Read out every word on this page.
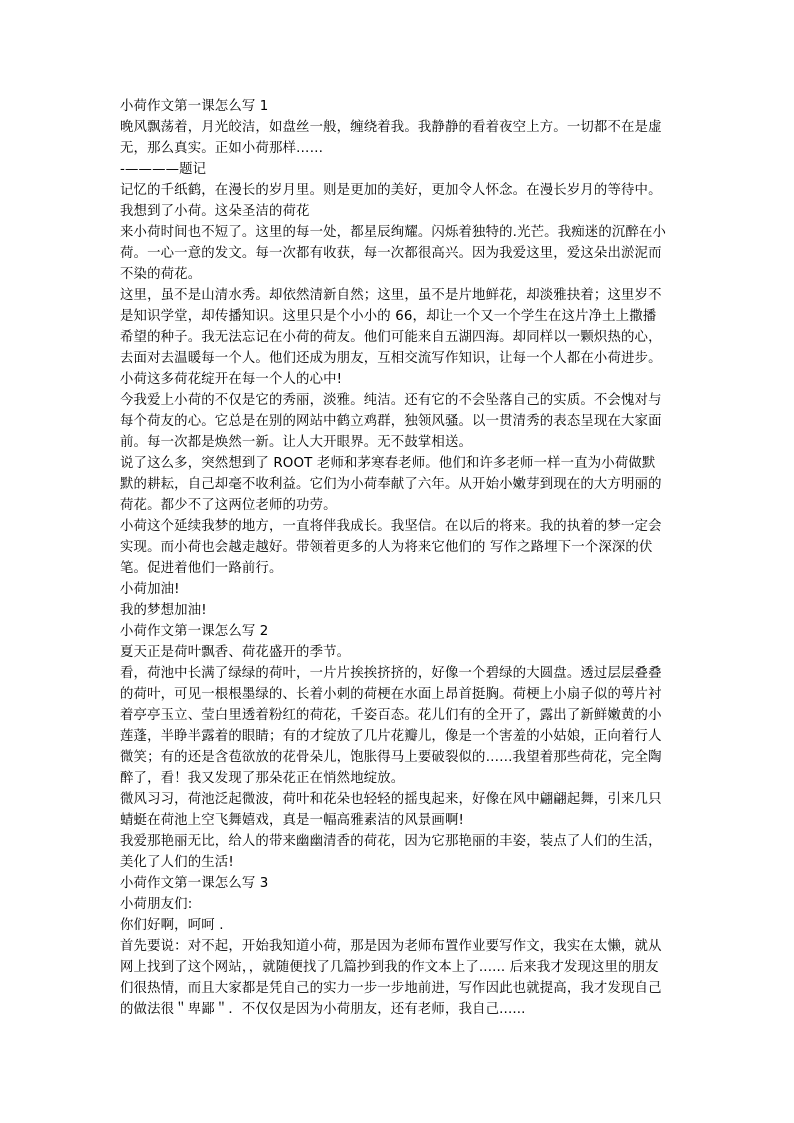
小荷作文第一课怎么写 1

晚风飘荡着，月光皎洁，如盘丝一般，缠绕着我。我静静的看着夜空上方。一切都不在是虚

无，那么真实。正如小荷那样……

-————题记

记忆的千纸鹤，在漫长的岁月里。则是更加的美好，更加令人怀念。在漫长岁月的等待中。

我想到了小荷。这朵圣洁的荷花

来小荷时间也不短了。这里的每一处，都星辰绚耀。闪烁着独特的.光芒。我痴迷的沉醉在小

荷。一心一意的发文。每一次都有收获，每一次都很高兴。因为我爱这里，爱这朵出淤泥而

不染的荷花。

这里，虽不是山清水秀。却依然清新自然；这里，虽不是片地鲜花，却淡雅抉着；这里岁不

是知识学堂，却传播知识。这里只是个小小的 66，却让一个又一个学生在这片净土上撒播

希望的种子。我无法忘记在小荷的荷友。他们可能来自五湖四海。却同样以一颗炽热的心，

去面对去温暖每一个人。他们还成为朋友，互相交流写作知识，让每一个人都在小荷进步。

小荷这多荷花绽开在每一个人的心中!

今我爱上小荷的不仅是它的秀丽，淡雅。纯洁。还有它的不会坠落自己的实质。不会愧对与

每个荷友的心。它总是在别的网站中鹤立鸡群，独领风骚。以一贯清秀的表态呈现在大家面

前。每一次都是焕然一新。让人大开眼界。无不鼓掌相送。

说了这么多，突然想到了 ROOT 老师和茅寒春老师。他们和许多老师一样一直为小荷做默

默的耕耘，自己却毫不收利益。它们为小荷奉献了六年。从开始小嫩芽到现在的大方明丽的

荷花。都少不了这两位老师的功劳。

小荷这个延续我梦的地方，一直将伴我成长。我坚信。在以后的将来。我的执着的梦一定会

实现。而小荷也会越走越好。带领着更多的人为将来它他们的 写作之路埋下一个深深的伏

笔。促进着他们一路前行。

小荷加油!

我的梦想加油!

小荷作文第一课怎么写 2

夏天正是荷叶飘香、荷花盛开的季节。

看，荷池中长满了绿绿的荷叶，一片片挨挨挤挤的，好像一个碧绿的大圆盘。透过层层叠叠

的荷叶，可见一根根墨绿的、长着小刺的荷梗在水面上昂首挺胸。荷梗上小扇子似的萼片衬

着亭亭玉立、莹白里透着粉红的荷花，千姿百态。花儿们有的全开了，露出了新鲜嫩黄的小

莲蓬，半睁半露着的眼睛；有的才绽放了几片花瓣儿，像是一个害羞的小姑娘，正向着行人

微笑；有的还是含苞欲放的花骨朵儿，饱胀得马上要破裂似的……我望着那些荷花，完全陶

醉了，看！我又发现了那朵花正在悄然地绽放。

微风习习，荷池泛起微波，荷叶和花朵也轻轻的摇曳起来，好像在风中翩翩起舞，引来几只

蜻蜓在荷池上空飞舞嬉戏，真是一幅高雅素洁的风景画啊!

我爱那艳丽无比，给人的带来幽幽清香的荷花，因为它那艳丽的丰姿，装点了人们的生活，

美化了人们的生活!

小荷作文第一课怎么写 3

小荷朋友们:

你们好啊，呵呵 .

首先要说：对不起，开始我知道小荷，那是因为老师布置作业要写作文，我实在太懒，就从

网上找到了这个网站，，就随便找了几篇抄到我的作文本上了...... 后来我才发现这里的朋友

们很热情，而且大家都是凭自己的实力一步一步地前进，写作因此也就提高，我才发现自己

的做法很＂卑鄙＂．不仅仅是因为小荷朋友，还有老师，我自己......
